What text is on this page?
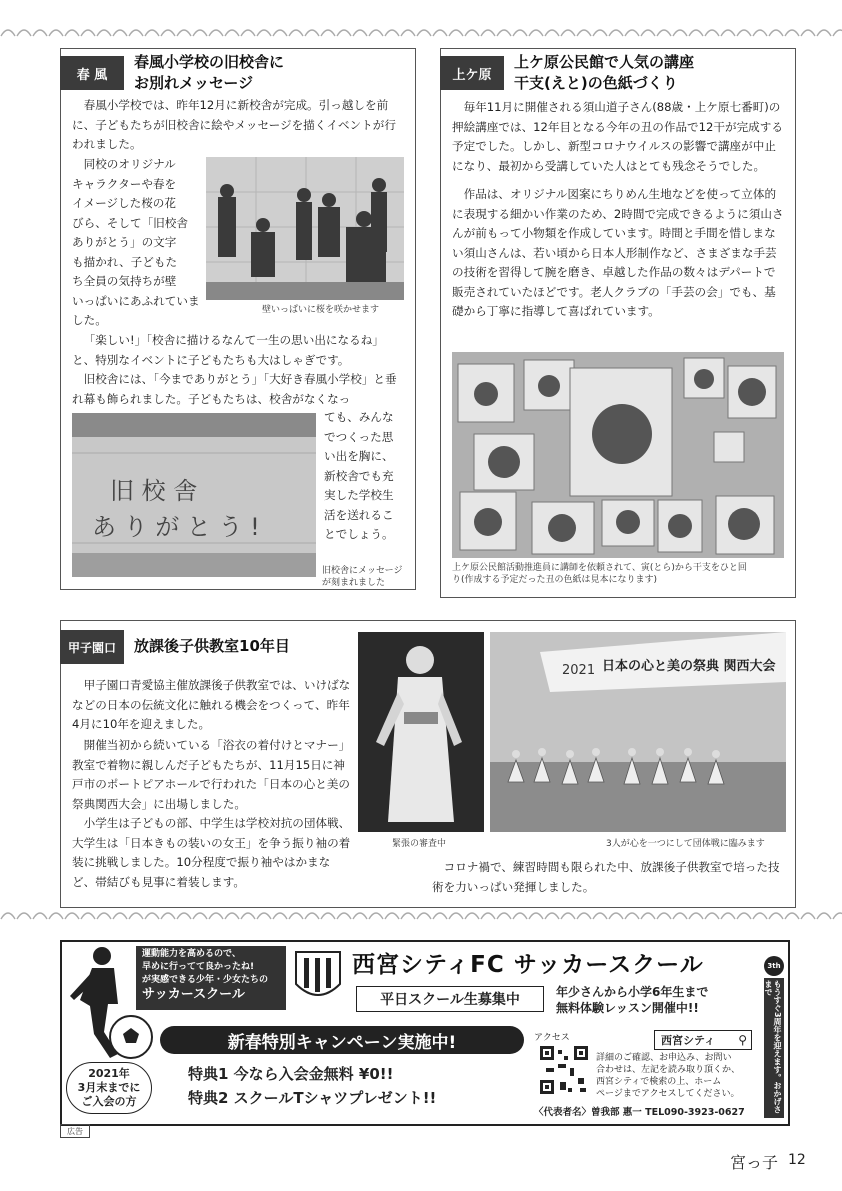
春 風
春風小学校の旧校舎に
お別れメッセージ

春風小学校では、昨年12月に新校舎が完成。引っ越しを前に、子どもたちが旧校舎に絵やメッセージを描くイベントが行われました。

同校のオリジナル
キャラクターや春を
イメージした桜の花
びら、そして「旧校舎
ありがとう」の文字
も描かれ、子どもた
ち全員の気持ちが壁
いっぱいにあふれていました。
壁いっぱいに桜を咲かせます

「楽しい!」「校舎に描けるなんて一生の思い出になるね」と、特別なイベントに子どもたちも大はしゃぎです。

旧校舎には、「今までありがとう」「大好き春風小学校」と垂れ幕も飾られました。子どもたちは、校舎がなくなっ

旧 校 舎
あ り が と う !
ても、みんな
でつくった思
い出を胸に、
新校舎でも充
実した学校生
活を送れるこ
とでしょう。
旧校舎にメッセージ
が刻まれました
上ケ原
上ケ原公民館で人気の講座
干支(えと)の色紙づくり

毎年11月に開催される須山道子さん(88歳・上ケ原七番町)の押絵講座では、12年目となる今年の丑の作品で12干が完成する予定でした。しかし、新型コロナウイルスの影響で講座が中止になり、最初から受講していた人はとても残念そうでした。

作品は、オリジナル図案にちりめん生地などを使って立体的に表現する細かい作業のため、2時間で完成できるように須山さんが前もって小物類を作成しています。時間と手間を惜しまない須山さんは、若い頃から日本人形制作など、さまざまな手芸の技術を習得して腕を磨き、卓越した作品の数々はデパートで販売されていたほどです。老人クラブの「手芸の会」でも、基礎から丁寧に指導して喜ばれています。

上ケ原公民館活動推進員に講師を依頼されて、寅(とら)から干支をひと回
り(作成する予定だった丑の色紙は見本になります)
甲子園口	放課後子供教室10年目

甲子園口青愛協主催放課後子供教室では、いけばななどの日本の伝統文化に触れる機会をつくって、昨年4月に10年を迎えました。

開催当初から続いている「浴衣の着付けとマナー」教室で着物に親しんだ子どもたちが、11月15日に神戸市のポートピアホールで行われた「日本の心と美の祭典関西大会」に出場しました。

小学生は子どもの部、中学生は学校対抗の団体戦、大学生は「日本きもの装いの女王」を争う振り袖の着装に挑戦しました。10分程度で振り袖やはかまなど、帯結びも見事に着装します。

緊張の審査中
2021 日本の心と美の祭典 関西大会
3人が心を一つにして団体戦に臨みます

コロナ禍で、練習時間も限られた中、放課後子供教室で培った技術を力いっぱい発揮しました。

運動能力を高めるので、
早めに行ってて良かったね!
が実感できる少年・少女たちの
サッカースクール
西宮シティFC サッカースクール
平日スクール生募集中	年少さんから小学6年生まで
無料体験レッスン開催中!!
新春特別キャンペーン実施中!
2021年
3月末までに
ご入会の方
特典1 今なら入会金無料 ¥0!!
特典2 スクールTシャツプレゼント!!
アクセス	西宮シティ ⚲
詳細のご確認、お申込み、お問い
合わせは、左記を読み取り頂くか、
西宮シティで検索の上、ホーム
ページまでアクセスしてください。
〈代表者名〉曽我部 惠一 TEL090-3923-0627
3th
もうすぐ3周年を迎えます。おかげさまで
広告
宮っ子 12
